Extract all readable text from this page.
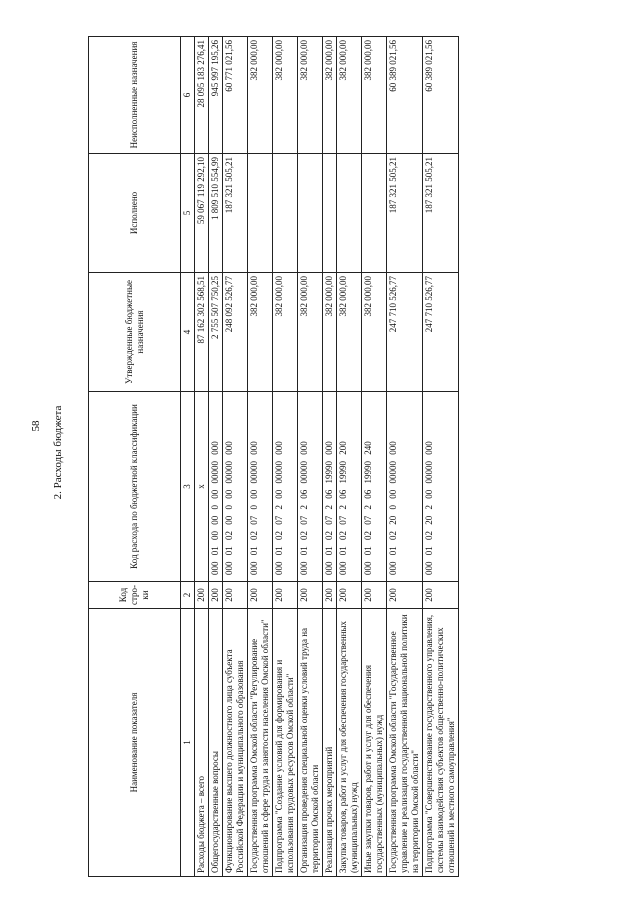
58 2. Расходы бюджета
Наименование показателя	Код стро- ки	Код расхода по бюджетной классификации	Утвержденные бюджетные назначения	Исполнено	Неисполненные назначения
1	2	3	4	5	6
Расходы бюджета – всего	200	x	87 162 302 568,51	59 067 119 292,10	28 095 183 276,41
Общегосударственные вопросы	200	000 01 00 00 0 00 00000 000	2 755 507 750,25	1 809 510 554,99	945 997 195,26
Функционирование высшего должностного лица субъекта Российской Федерации и муниципального образования	200	000 01 02 00 0 00 00000 000	248 092 526,77	187 321 505,21	60 771 021,56
Государственная программа Омской области "Регулирование отношений в сфере труда и занятости населения Омской области"	200	000 01 02 07 0 00 00000 000	382 000,00		382 000,00
Подпрограмма "Создание условий для формирования и использования трудовых ресурсов Омской области"	200	000 01 02 07 2 00 00000 000	382 000,00		382 000,00
Организация проведения специальной оценки условий труда на территории Омской области	200	000 01 02 07 2 06 00000 000	382 000,00		382 000,00
Реализация прочих мероприятий	200	000 01 02 07 2 06 19990 000	382 000,00		382 000,00
Закупка товаров, работ и услуг для обеспечения государственных (муниципальных) нужд	200	000 01 02 07 2 06 19990 200	382 000,00		382 000,00
Иные закупки товаров, работ и услуг для обеспечения государственных (муниципальных) нужд	200	000 01 02 07 2 06 19990 240	382 000,00		382 000,00
Государственная программа Омской области "Государственное управление и реализация государственной национальной политики на территории Омской области"	200	000 01 02 20 0 00 00000 000	247 710 526,77	187 321 505,21	60 389 021,56
Подпрограмма "Совершенствование государственного управления, системы взаимодействия субъектов общественно-политических отношений и местного самоуправления"	200	000 01 02 20 2 00 00000 000	247 710 526,77	187 321 505,21	60 389 021,56
